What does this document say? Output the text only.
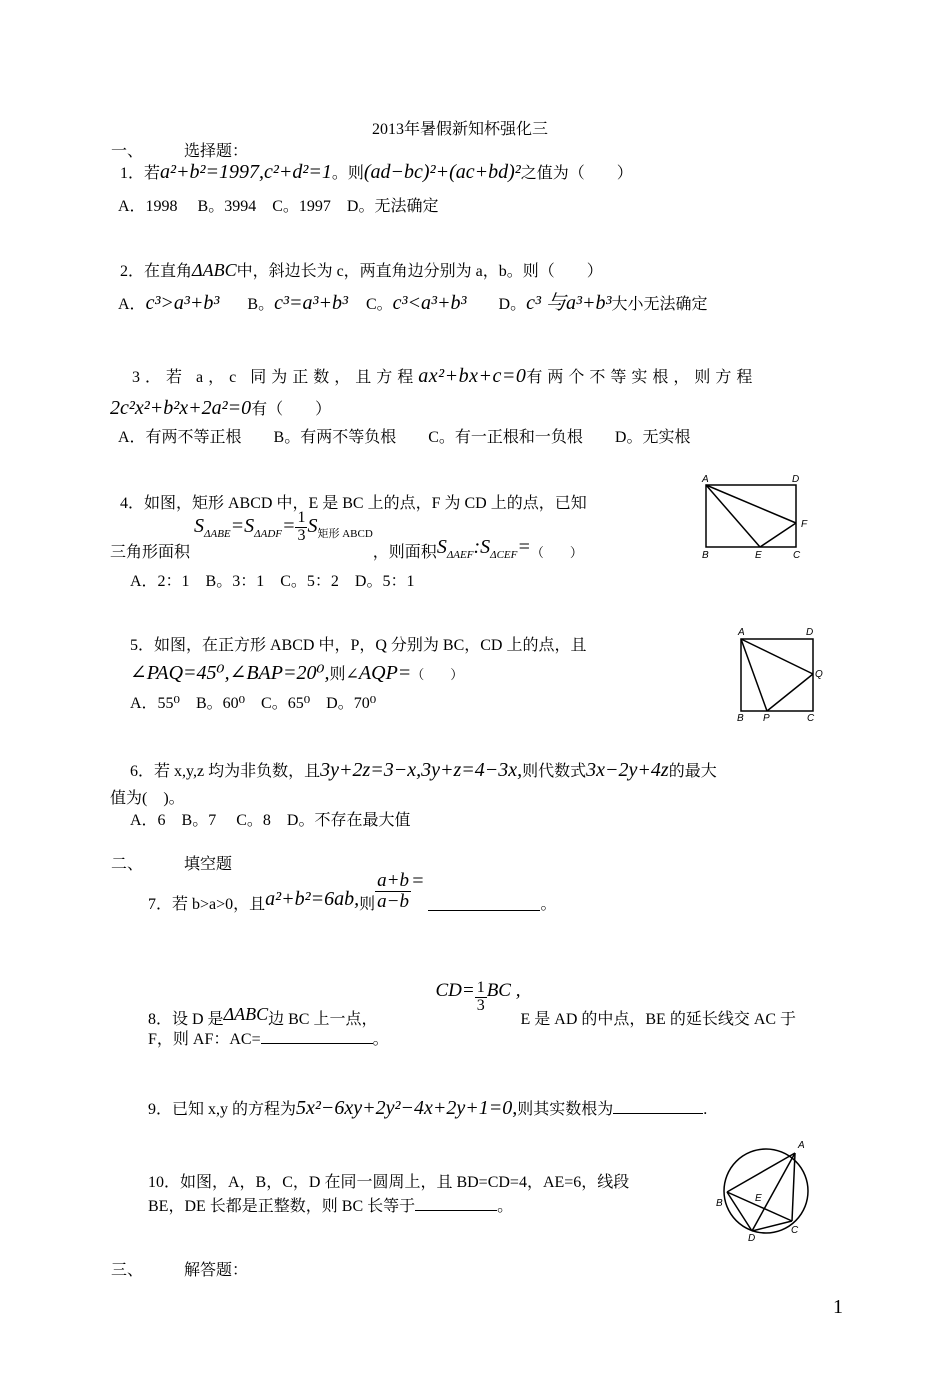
2013年暑假新知杯强化三
一、	选择题：
1．若a²+b²=1997,c²+d²=1。则(ad−bc)²+(ac+bd)²之值为（　　）
A．1998　 B。3994　C。1997　D。无法确定
2．在直角ΔABC中，斜边长为 c，两直角边分别为 a，b。则（　　）
A．c³>a³+b³ B。c³=a³+b³ C。c³<a³+b³ D。c³ 与a³+b³大小无法确定
3．若 a，c 同为正数，且方程ax²+bx+c=0有两个不等实根，则方程
2c²x²+b²x+2a²=0有（　　）
A．有两不等正根　　B。有两不等负根　　C。有一正根和一负根　　D。无实根
4．如图，矩形 ABCD 中，E 是 BC 上的点，F 为 CD 上的点，已知
三角形面积 $S_{\Delta ABE}=S_{\Delta ADF}= \frac{1}{3} S_{矩形 ABCD}$，则面积$S_{\Delta AEF}:S_{\Delta CEF}=_{( )}$
A．2：1　B。3：1　C。5：2　D。5：1
A	D
F
B	E	C
5．如图，在正方形 ABCD 中，P，Q 分别为 BC，CD 上的点，且
∠PAQ=45⁰,∠BAP=20⁰,则∠AQP=（　　）
A．55⁰　B。60⁰　C。65⁰　D。70⁰
A	D
Q
B P	C
6．若 x,y,z 均为非负数，且3y+2z=3−x,3y+z=4−3x,则代数式3x−2y+4z的最大
值为(　)。
A．6　B。7　 C。8　D。不存在最大值
二、	填空题
7．若 b>a>0，且a²+b²=6ab,则 $\frac{a+b}{a-b}$ = 。
8．设 D 是ΔABC边 BC 上一点， $CD= \frac{1}{3}$ BC ,E 是 AD 的中点，BE 的延长线交 AC 于
F，则 AF：AC=	。
9．已知 x,y 的方程为5x²−6xy+2y²−4x+2y+1=0,则其实数根为	.
10．如图，A，B，C，D 在同一圆周上，且 BD=CD=4，AE=6，线段
BE，DE 长都是正整数，则 BC 长等于	。
A
B	E
D
C
三、	解答题：
1
